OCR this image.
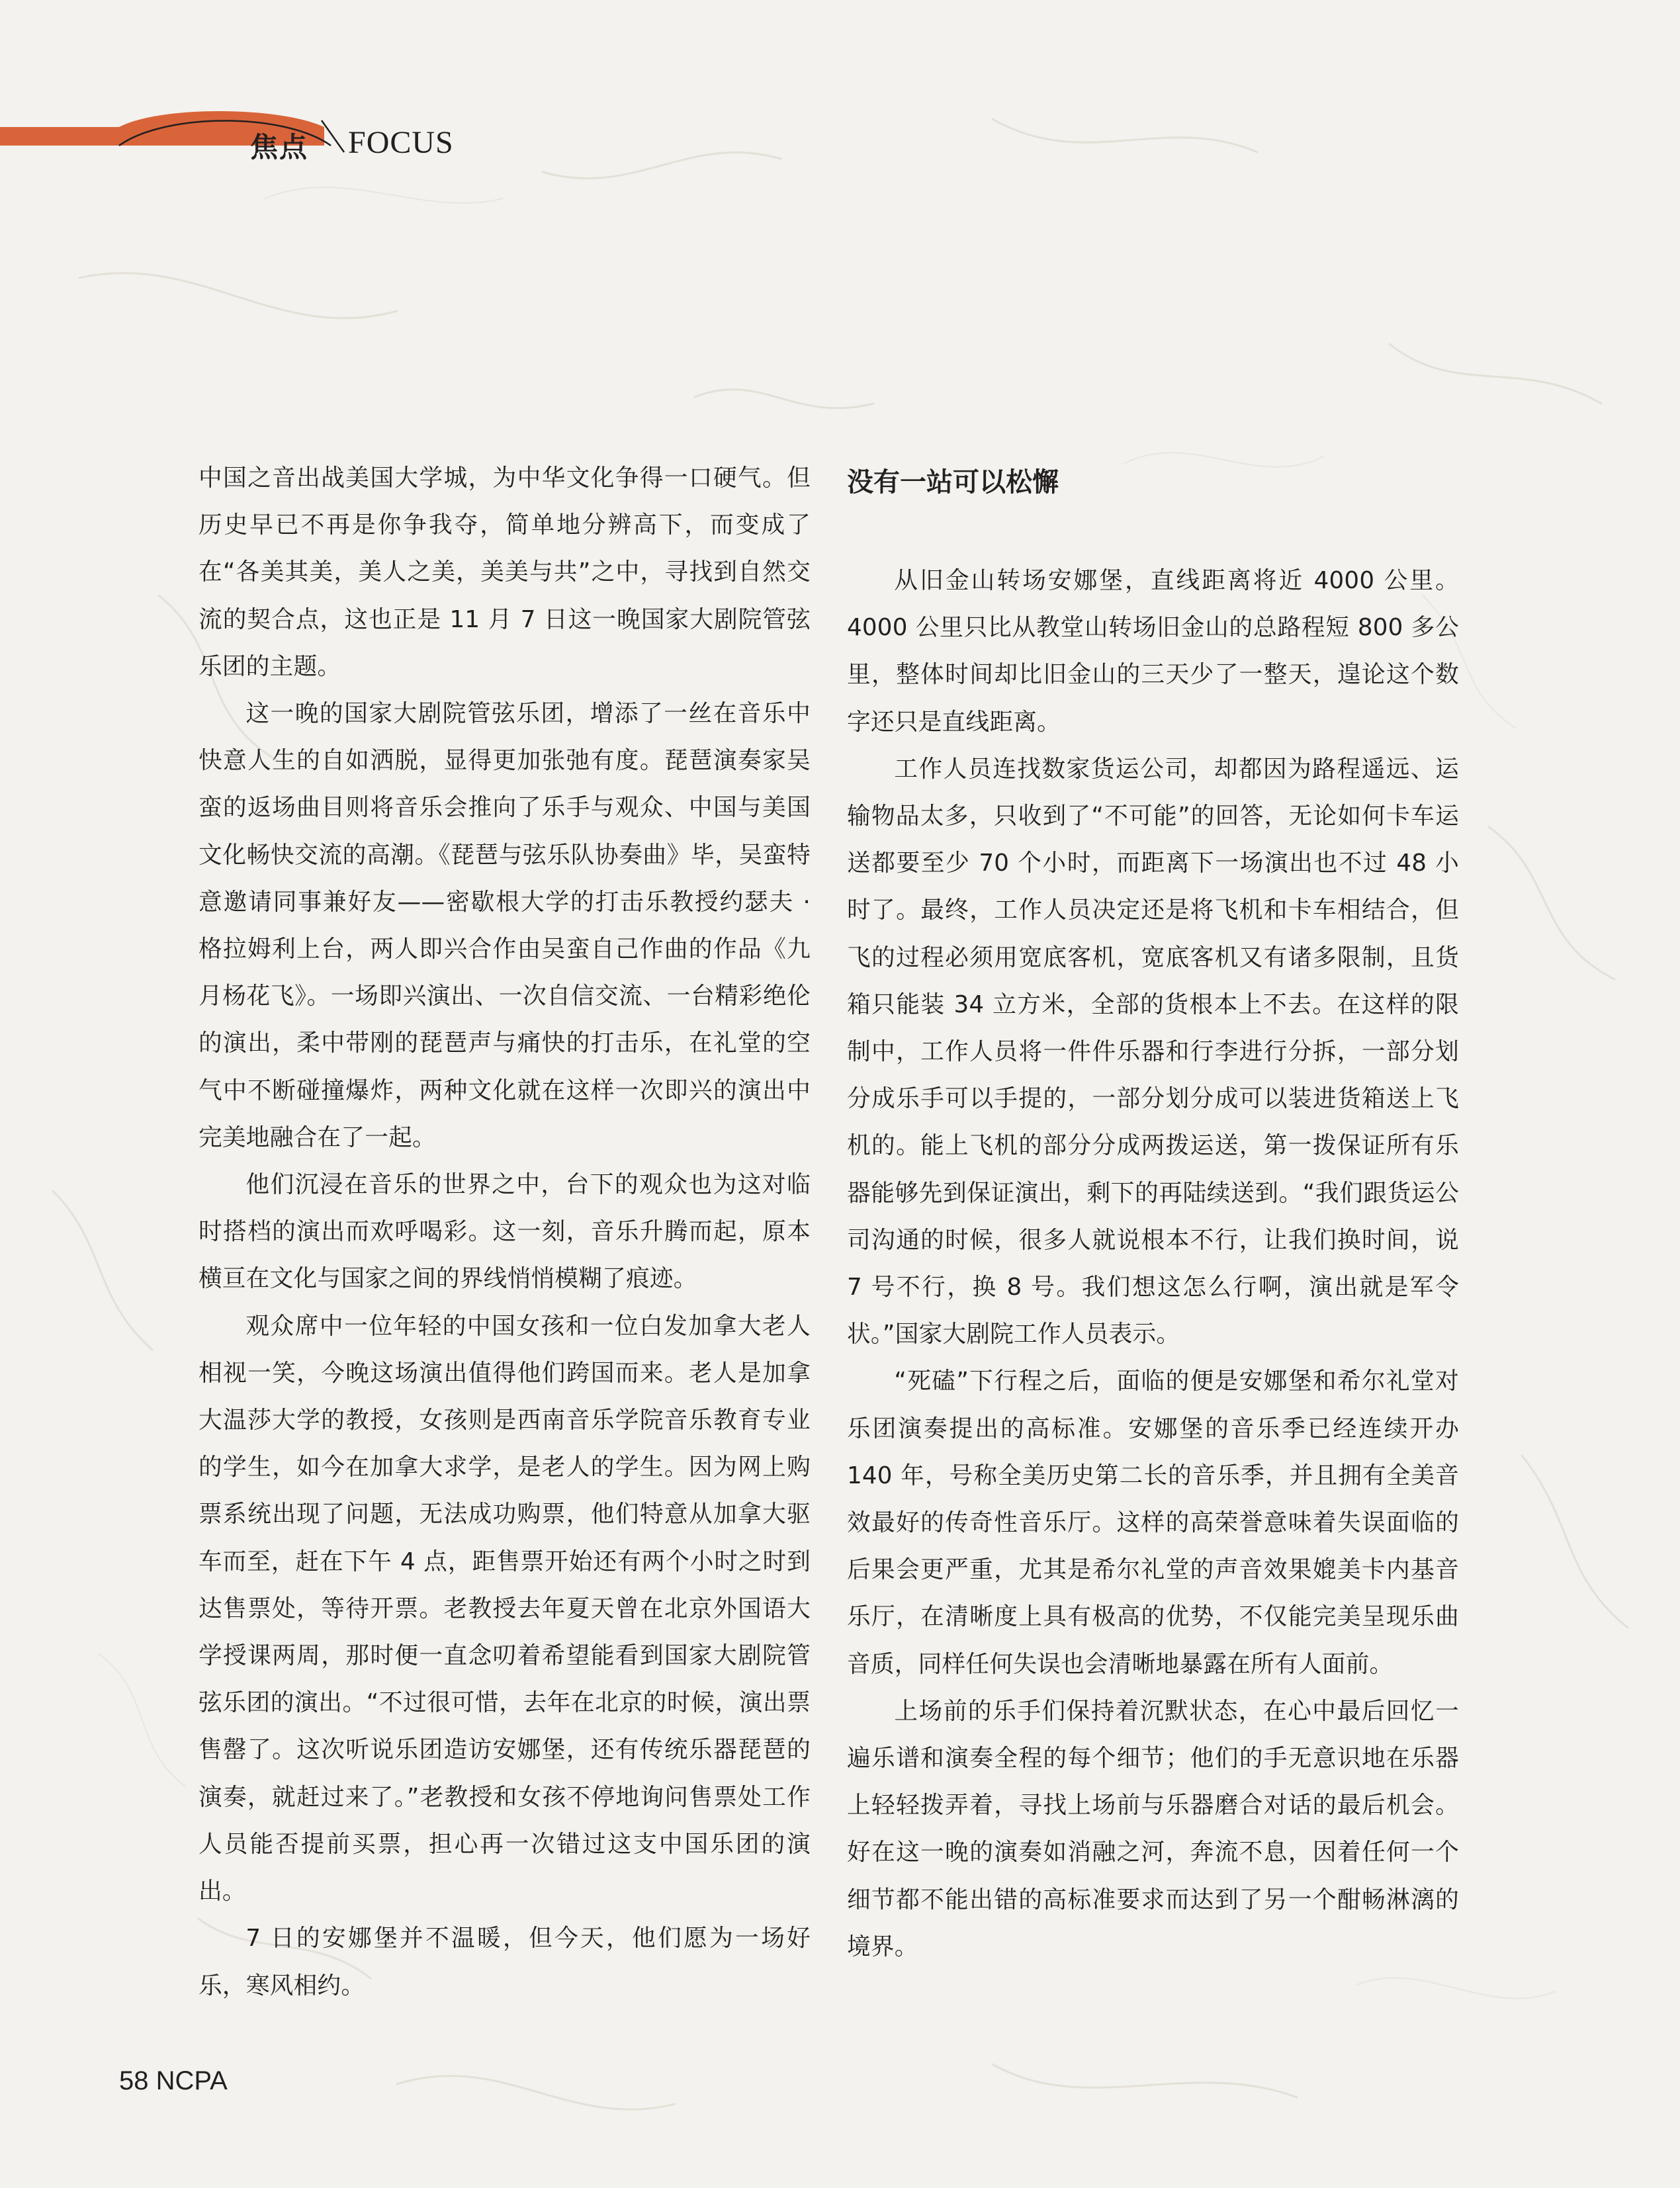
焦点 FOCUS

中国之音出战美国大学城，为中华文化争得一口硬气。但历史早已不再是你争我夺，简单地分辨高下，而变成了在“各美其美，美人之美，美美与共”之中，寻找到自然交流的契合点，这也正是 11 月 7 日这一晚国家大剧院管弦乐团的主题。

这一晚的国家大剧院管弦乐团，增添了一丝在音乐中快意人生的自如洒脱，显得更加张弛有度。琵琶演奏家吴蛮的返场曲目则将音乐会推向了乐手与观众、中国与美国文化畅快交流的高潮。《琵琶与弦乐队协奏曲》毕，吴蛮特意邀请同事兼好友——密歇根大学的打击乐教授约瑟夫 · 格拉姆利上台，两人即兴合作由吴蛮自己作曲的作品《九月杨花飞》。一场即兴演出、一次自信交流、一台精彩绝伦的演出，柔中带刚的琵琶声与痛快的打击乐，在礼堂的空气中不断碰撞爆炸，两种文化就在这样一次即兴的演出中完美地融合在了一起。

他们沉浸在音乐的世界之中，台下的观众也为这对临时搭档的演出而欢呼喝彩。这一刻，音乐升腾而起，原本横亘在文化与国家之间的界线悄悄模糊了痕迹。

观众席中一位年轻的中国女孩和一位白发加拿大老人相视一笑，今晚这场演出值得他们跨国而来。老人是加拿大温莎大学的教授，女孩则是西南音乐学院音乐教育专业的学生，如今在加拿大求学，是老人的学生。因为网上购票系统出现了问题，无法成功购票，他们特意从加拿大驱车而至，赶在下午 4 点，距售票开始还有两个小时之时到达售票处，等待开票。老教授去年夏天曾在北京外国语大学授课两周，那时便一直念叨着希望能看到国家大剧院管弦乐团的演出。“不过很可惜，去年在北京的时候，演出票售罄了。这次听说乐团造访安娜堡，还有传统乐器琵琶的演奏，就赶过来了。”老教授和女孩不停地询问售票处工作人员能否提前买票，担心再一次错过这支中国乐团的演出。

7 日的安娜堡并不温暖，但今天，他们愿为一场好乐，寒风相约。

没有一站可以松懈

从旧金山转场安娜堡，直线距离将近 4000 公里。4000 公里只比从教堂山转场旧金山的总路程短 800 多公里，整体时间却比旧金山的三天少了一整天，遑论这个数字还只是直线距离。

工作人员连找数家货运公司，却都因为路程遥远、运输物品太多，只收到了“不可能”的回答，无论如何卡车运送都要至少 70 个小时，而距离下一场演出也不过 48 小时了。最终，工作人员决定还是将飞机和卡车相结合，但飞的过程必须用宽底客机，宽底客机又有诸多限制，且货箱只能装 34 立方米，全部的货根本上不去。在这样的限制中，工作人员将一件件乐器和行李进行分拆，一部分划分成乐手可以手提的，一部分划分成可以装进货箱送上飞机的。能上飞机的部分分成两拨运送，第一拨保证所有乐器能够先到保证演出，剩下的再陆续送到。“我们跟货运公司沟通的时候，很多人就说根本不行，让我们换时间，说 7 号不行，换 8 号。我们想这怎么行啊，演出就是军令状。”国家大剧院工作人员表示。

“死磕”下行程之后，面临的便是安娜堡和希尔礼堂对乐团演奏提出的高标准。安娜堡的音乐季已经连续开办 140 年，号称全美历史第二长的音乐季，并且拥有全美音效最好的传奇性音乐厅。这样的高荣誉意味着失误面临的后果会更严重，尤其是希尔礼堂的声音效果媲美卡内基音乐厅，在清晰度上具有极高的优势，不仅能完美呈现乐曲音质，同样任何失误也会清晰地暴露在所有人面前。

上场前的乐手们保持着沉默状态，在心中最后回忆一遍乐谱和演奏全程的每个细节；他们的手无意识地在乐器上轻轻拨弄着，寻找上场前与乐器磨合对话的最后机会。好在这一晚的演奏如消融之河，奔流不息，因着任何一个细节都不能出错的高标准要求而达到了另一个酣畅淋漓的境界。

58 NCPA
